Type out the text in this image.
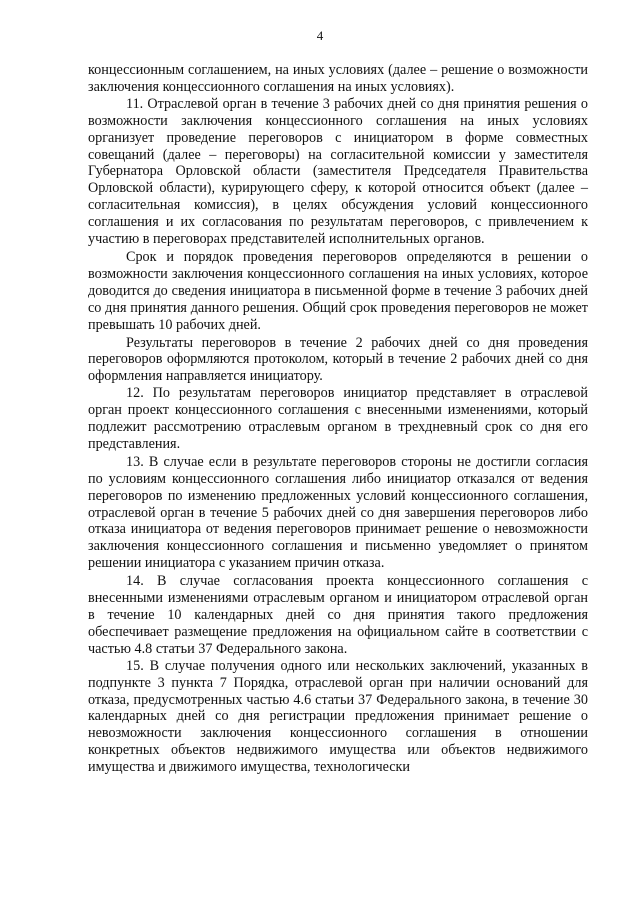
4

концессионным соглашением, на иных условиях (далее – решение о возможности заключения концессионного соглашения на иных условиях).

11. Отраслевой орган в течение 3 рабочих дней со дня принятия решения о возможности заключения концессионного соглашения на иных условиях организует проведение переговоров с инициатором в форме совместных совещаний (далее – переговоры) на согласительной комиссии у заместителя Губернатора Орловской области (заместителя Председателя Правительства Орловской области), курирующего сферу, к которой относится объект (далее – согласительная комиссия), в целях обсуждения условий концессионного соглашения и их согласования по результатам переговоров, с привлечением к участию в переговорах представителей исполнительных органов.

Срок и порядок проведения переговоров определяются в решении о возможности заключения концессионного соглашения на иных условиях, которое доводится до сведения инициатора в письменной форме в течение 3 рабочих дней со дня принятия данного решения. Общий срок проведения переговоров не может превышать 10 рабочих дней.

Результаты переговоров в течение 2 рабочих дней со дня проведения переговоров оформляются протоколом, который в течение 2 рабочих дней со дня оформления направляется инициатору.

12. По результатам переговоров инициатор представляет в отраслевой орган проект концессионного соглашения с внесенными изменениями, который подлежит рассмотрению отраслевым органом в трехдневный срок со дня его представления.

13. В случае если в результате переговоров стороны не достигли согласия по условиям концессионного соглашения либо инициатор отказался от ведения переговоров по изменению предложенных условий концессионного соглашения, отраслевой орган в течение 5 рабочих дней со дня завершения переговоров либо отказа инициатора от ведения переговоров принимает решение о невозможности заключения концессионного соглашения и письменно уведомляет о принятом решении инициатора с указанием причин отказа.

14. В случае согласования проекта концессионного соглашения с внесенными изменениями отраслевым органом и инициатором отраслевой орган в течение 10 календарных дней со дня принятия такого предложения обеспечивает размещение предложения на официальном сайте в соответствии с частью 4.8 статьи 37 Федерального закона.

15. В случае получения одного или нескольких заключений, указанных в подпункте 3 пункта 7 Порядка, отраслевой орган при наличии оснований для отказа, предусмотренных частью 4.6 статьи 37 Федерального закона, в течение 30 календарных дней со дня регистрации предложения принимает решение о невозможности заключения концессионного соглашения в отношении конкретных объектов недвижимого имущества или объектов недвижимого имущества и движимого имущества, технологически
